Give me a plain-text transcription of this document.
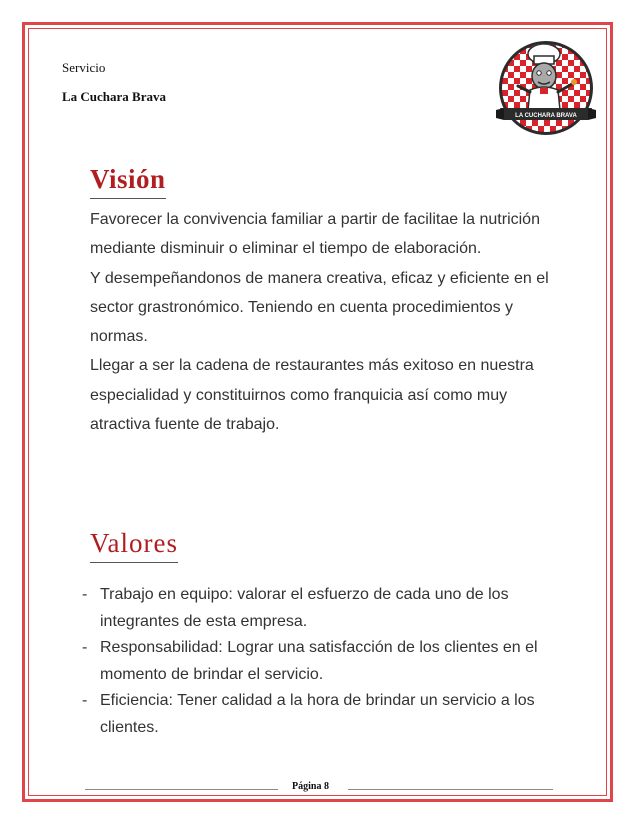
Servicio
La Cuchara Brava
LA CUCHARA BRAVA
Visión

Favorecer la convivencia familiar a partir de facilitae la nutrición mediante disminuir o eliminar el tiempo de elaboración.

Y desempeñandonos de manera creativa, eficaz y eficiente en el sector grastronómico. Teniendo en cuenta procedimientos y normas.

Llegar a ser la cadena de restaurantes más exitoso en nuestra especialidad y constituirnos como franquicia así como muy atractiva fuente de trabajo.

Valores
- Trabajo en equipo: valorar el esfuerzo de cada uno de los integrantes de esta empresa.
- Responsabilidad: Lograr una satisfacción de los clientes en el momento de brindar el servicio.
- Eficiencia: Tener calidad a la hora de brindar un servicio a los clientes.
Página 8
